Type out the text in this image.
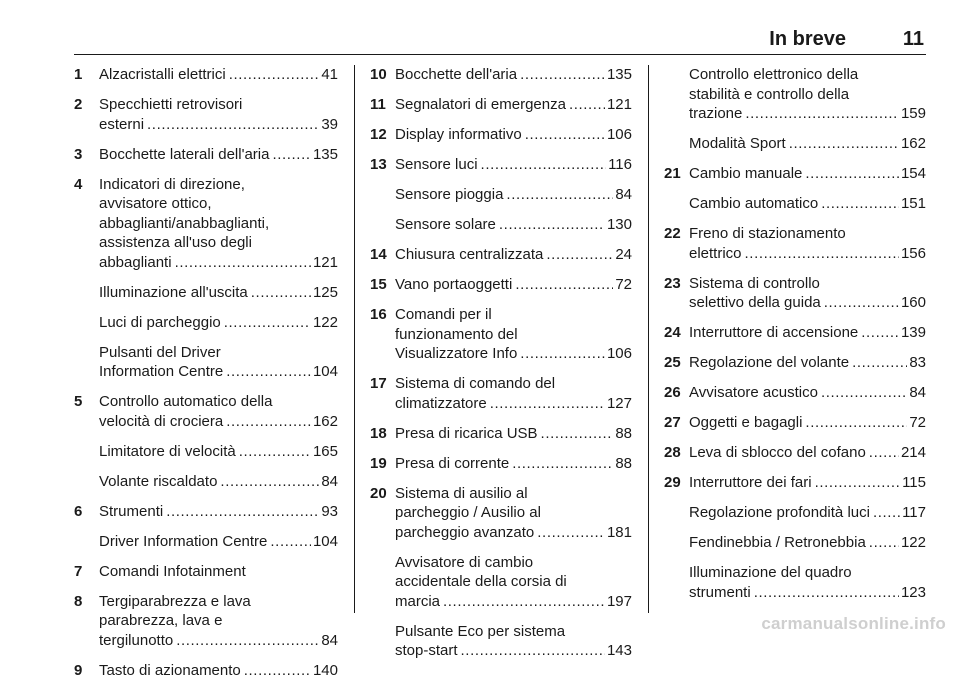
In breve	11
1	Alzacristalli elettrici .....	41
2	Specchietti retrovisori
esterni .....	39
3	Bocchette laterali dell'aria .....	135
4	Indicatori di direzione,
avvisatore ottico,
abbaglianti/anabbaglianti,
assistenza all'uso degli
abbaglianti .....	121
Illuminazione all'uscita .....	125
Luci di parcheggio .....	122
Pulsanti del Driver
Information Centre .....	104
5	Controllo automatico della
velocità di crociera .....	162
Limitatore di velocità .....	165
Volante riscaldato .....	84
6	Strumenti .....	93
Driver Information Centre .....	104
7	Comandi Infotainment
8	Tergiparabrezza e lava
parabrezza, lava e
tergilunotto .....	84
9	Tasto di azionamento .....	140
10 Bocchette dell'aria .....	135
11 Segnalatori di emergenza .....	121
12 Display informativo .....	106
13 Sensore luci .....	116
Sensore pioggia .....	84
Sensore solare .....	130
14 Chiusura centralizzata .....	24
15 Vano portaoggetti .....	72
16 Comandi per il
funzionamento del
Visualizzatore Info .....	106
17 Sistema di comando del
climatizzatore .....	127
18 Presa di ricarica USB .....	88
19 Presa di corrente .....	88
20 Sistema di ausilio al
parcheggio / Ausilio al
parcheggio avanzato .....	181
Avvisatore di cambio
accidentale della corsia di
marcia .....	197
Pulsante Eco per sistema
stop-start .....	143
Controllo elettronico della
stabilità e controllo della
trazione .....	159
Modalità Sport .....	162
21 Cambio manuale .....	154
Cambio automatico .....	151
22 Freno di stazionamento
elettrico .....	156
23 Sistema di controllo
selettivo della guida .....	160
24 Interruttore di accensione .....	139
25 Regolazione del volante .....	83
26 Avvisatore acustico .....	84
27 Oggetti e bagagli .....	72
28 Leva di sblocco del cofano ..... 214
29 Interruttore dei fari .....	115
Regolazione profondità luci ..... 117
Fendinebbia / Retronebbia ..... 122
Illuminazione del quadro
strumenti .....	123
carmanualsonline.info
